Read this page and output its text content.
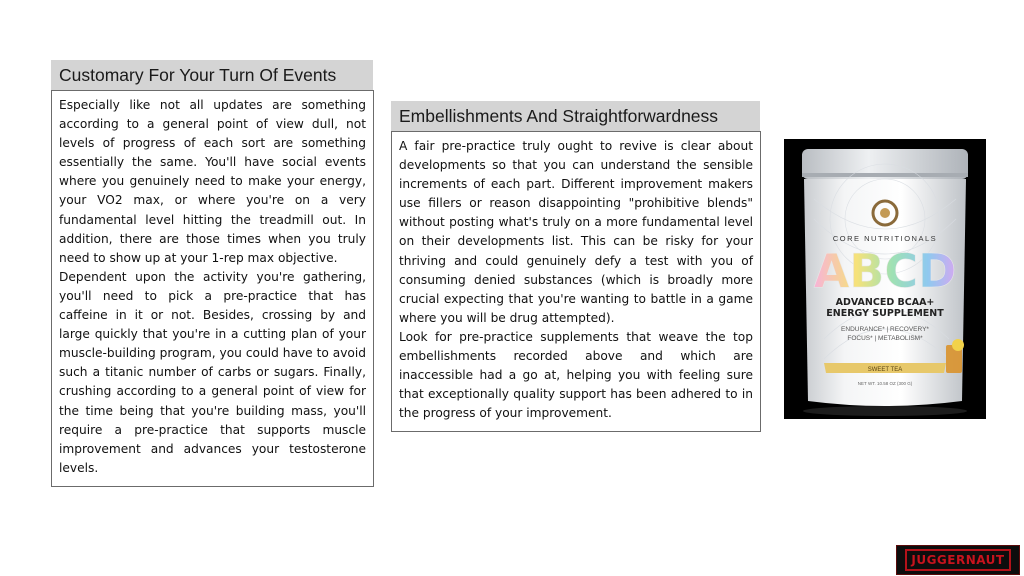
Customary For Your Turn Of Events

Especially like not all updates are something according to a general point of view dull, not levels of progress of each sort are something essentially the same. You'll have social events where you genuinely need to make your energy, your VO2 max, or where you're on a very fundamental level hitting the treadmill out. In addition, there are those times when you truly need to show up at your 1-rep max objective.

Dependent upon the activity you're gathering, you'll need to pick a pre-practice that has caffeine in it or not. Besides, crossing by and large quickly that you're in a cutting plan of your muscle-building program, you could have to avoid such a titanic number of carbs or sugars. Finally, crushing according to a general point of view for the time being that you're building mass, you'll require a pre-practice that supports muscle improvement and advances your testosterone levels.

Embellishments And Straightforwardness

A fair pre-practice truly ought to revive is clear about developments so that you can understand the sensible increments of each part. Different improvement makers use fillers or reason disappointing "prohibitive blends" without posting what's truly on a more fundamental level on their developments list. This can be risky for your thriving and could genuinely defy a test with you of consuming denied substances (which is broadly more crucial expecting that you're wanting to battle in a game where you will be drug attempted).

Look for pre-practice supplements that weave the top embellishments recorded above and which are inaccessible had a go at, helping you with feeling sure that exceptionally quality support has been adhered to in the progress of your improvement.

CORE NUTRITIONALS
ABCD
ADVANCED BCAA+
ENERGY SUPPLEMENT
ENDURANCE* | RECOVERY*
FOCUS* | METABOLISM*
SWEET TEA
NET WT. 10.58 OZ (300 G)
JUGGERNAUT
